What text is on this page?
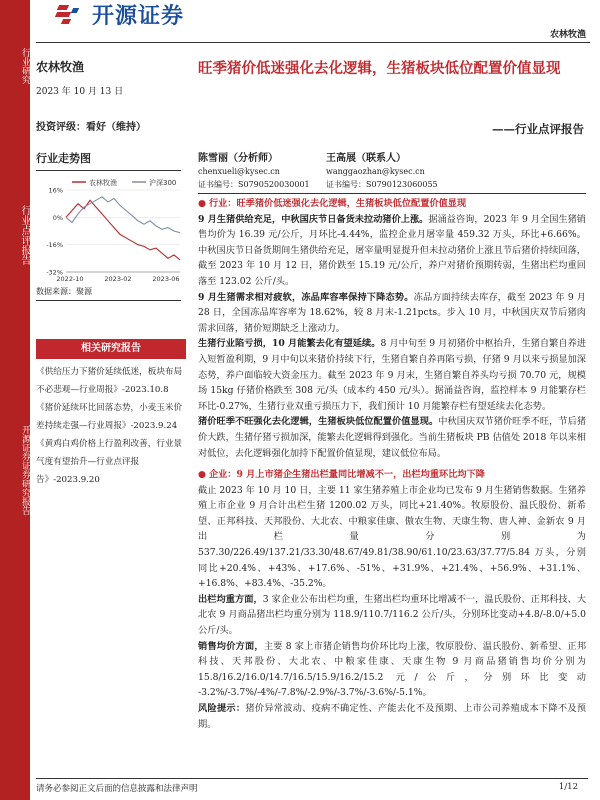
行业研究
行业点评报告
开源证券证券研究报告
开源证券
农林牧渔
农林牧渔
2023 年 10 月 13 日
投资评级：看好（维持）
旺季猪价低迷强化去化逻辑，生猪板块低位配置价值显现
——行业点评报告
行业走势图
农林牧渔	沪深300
16%
0%
-16%
-32%
2022-10	2023-02	2023-06
数据来源：聚源
相关研究报告
《供给压力下猪价延续低迷，板块布局不必悲观—行业周报》-2023.10.8
《猪价延续环比回落态势，小麦玉米价差持续走强—行业周报》-2023.9.24
《黄鸡白鸡价格上行盈利改善，行业景气度有望抬升—行业点评报告》-2023.9.20
陈雪丽（分析师）
chenxueli@kysec.cn
证书编号：S0790520030001
王高展（联系人）
wanggaozhan@kysec.cn
证书编号：S0790123060055

● 行业：旺季猪价低迷强化去化逻辑，生猪板块低位配置价值显现

9 月生猪供给充足，中秋国庆节日备货未拉动猪价上涨。据涌益咨询，2023 年 9 月全国生猪销售均价为 16.39 元/公斤，月环比-4.44%，监控企业月屠宰量 459.32 万头，环比+6.66%。中秋国庆节日备货期间生猪供给充足，屠宰量明显提升但未拉动猪价上涨且节后猪价持续回落，截至 2023 年 10 月 12 日，猪价跌至 15.19 元/公斤，养户对猪价预期转弱，生猪出栏均重回落至 123.02 公斤/头。

9 月生猪需求相对疲软，冻品库容率保持下降态势。冻品方面持续去库存，截至 2023 年 9 月 28 日，全国冻品库容率为 18.62%，较 8 月末-1.21pcts。步入 10 月，中秋国庆双节后猪肉需求回落，猪价短期缺乏上涨动力。

生猪行业陷亏损，10 月能繁去化有望延续。8 月中旬至 9 月初猪价中枢抬升，生猪自繁自养进入短暂盈利期，9 月中旬以来猪价持续下行，生猪自繁自养再陷亏损，仔猪 9 月以来亏损显加深态势，养户面临较大资金压力。截至 2023 年 9 月末，生猪自繁自养头均亏损 70.70 元，规模场 15kg 仔猪价格跌至 308 元/头（成本约 450 元/头）。据涌益咨询，监控样本 9 月能繁存栏环比-0.27%，生猪行业双重亏损压力下，我们预计 10 月能繁存栏有望延续去化态势。

猪价旺季不旺强化去化逻辑，生猪板块低位配置价值显现。中秋国庆双节猪价旺季不旺，节后猪价大跌，生猪仔猪亏损加深，能繁去化逻辑得到强化。当前生猪板块 PB 估值处 2018 年以来相对低位，去化逻辑强化加持下配置价值显现，建议低位布局。

● 企业：9 月上市猪企生猪出栏量同比增减不一，出栏均重环比均下降

截止 2023 年 10 月 10 日，主要 11 家生猪养殖上市企业均已发布 9 月生猪销售数据。生猪养殖上市企业 9 月合计出栏生猪 1200.02 万头，同比+21.40%。牧原股份、温氏股份、新希望、正邦科技、天邦股份、大北农、中粮家佳康、傲农生物、天康生物、唐人神、金新农 9 月出栏量分别为 537.30/226.49/137.21/33.30/48.67/49.81/38.90/61.10/23.63/37.77/5.84 万头，分别同比+20.4%、+43%、+17.6%、-51%、+31.9%、+21.4%、+56.9%、+31.1%、+16.8%、+83.4%、-35.2%。

出栏均重方面，3 家企业公布出栏均重，生猪出栏均重环比增减不一，温氏股份、正邦科技、大北农 9 月商品猪出栏均重分别为 118.9/110.7/116.2 公斤/头，分别环比变动+4.8/-8.0/+5.0 公斤/头。

销售均价方面，主要 8 家上市猪企销售均价环比均上涨，牧原股份、温氏股份、新希望、正邦科技、天邦股份、大北农、中粮家佳康、天康生物 9 月商品猪销售均价分别为 15.8/16.2/16.0/14.7/16.5/15.9/16.2/15.2 元/公斤，分别环比变动 -3.2%/-3.7%/-4%/-7.8%/-2.9%/-3.7%/-3.6%/-5.1%。

风险提示：猪价异常波动、疫病不确定性、产能去化不及预期、上市公司养殖成本下降不及预期。

请务必参阅正文后面的信息披露和法律声明	1/12
